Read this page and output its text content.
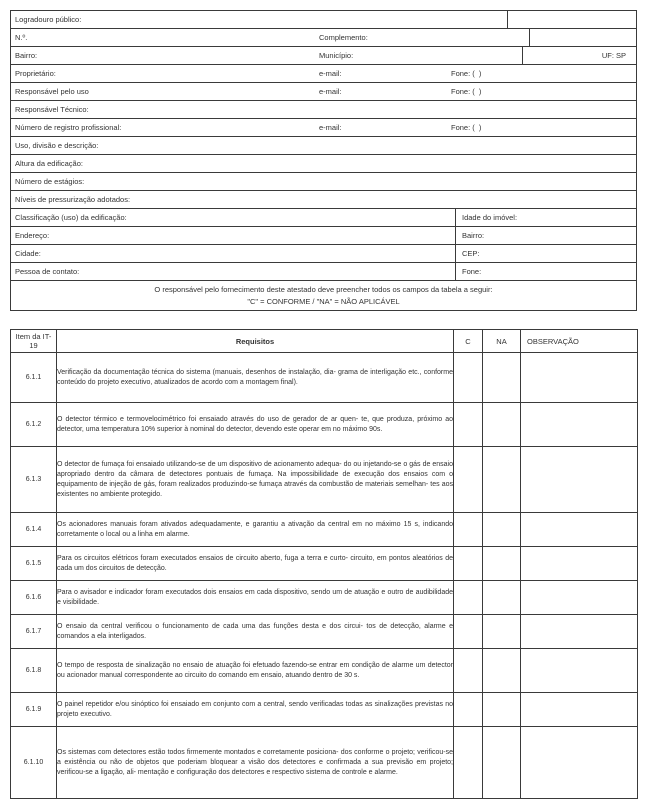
Logradouro público:
N.º.	Complemento:
Bairro:	Município:	UF: SP
Proprietário:	e-mail:	Fone: (  )
Responsável pelo uso	e-mail:	Fone: (  )
Responsável Técnico:
Número de registro profissional:	e-mail:	Fone: (  )
Uso, divisão e descrição:
Altura da edificação:
Número de estágios:
Níveis de pressurização adotados:
Classificação (uso) da edificação:	Idade do imóvel:
Endereço:	Bairro:
Cidade:	CEP:
Pessoa de contato:	Fone:
O responsável pelo fornecimento deste atestado deve preencher todos os campos da tabela a seguir:
"C" = CONFORME / "NA" = NÃO APLICÁVEL
Item da IT-19	Requisitos	C	NA	OBSERVAÇÃO
6.1.1	Verificação da documentação técnica do sistema (manuais, desenhos de instalação, dia- grama de interligação etc., conforme conteúdo do projeto executivo, atualizados de acordo com a montagem final).			
6.1.2	O detector térmico e termovelocimétrico foi ensaiado através do uso de gerador de ar quen- te, que produza, próximo ao detector, uma temperatura 10% superior à nominal do detector, devendo este operar em no máximo 90s.			
6.1.3	O detector de fumaça foi ensaiado utilizando-se de um dispositivo de acionamento adequa- do ou injetando-se o gás de ensaio apropriado dentro da câmara de detectores pontuais de fumaça. Na impossibilidade de execução dos ensaios com o equipamento de injeção de gás, foram realizados produzindo-se fumaça através da combustão de materiais semelhan- tes aos existentes no ambiente protegido.			
6.1.4	Os acionadores manuais foram ativados adequadamente, e garantiu a ativação da central em no máximo 15 s, indicando corretamente o local ou a linha em alarme.			
6.1.5	Para os circuitos elétricos foram executados ensaios de circuito aberto, fuga a terra e curto- circuito, em pontos aleatórios de cada um dos circuitos de detecção.			
6.1.6	Para o avisador e indicador foram executados dois ensaios em cada dispositivo, sendo um de atuação e outro de audibilidade e visibilidade.			
6.1.7	O ensaio da central verificou o funcionamento de cada uma das funções desta e dos circui- tos de detecção, alarme e comandos a ela interligados.			
6.1.8	O tempo de resposta de sinalização no ensaio de atuação foi efetuado fazendo-se entrar em condição de alarme um detector ou acionador manual correspondente ao circuito do comando em ensaio, atuando dentro de 30 s.			
6.1.9	O painel repetidor e/ou sinóptico foi ensaiado em conjunto com a central, sendo verificadas todas as sinalizações previstas no projeto executivo.			
6.1.10	Os sistemas com detectores estão todos firmemente montados e corretamente posiciona- dos conforme o projeto; verificou-se a existência ou não de objetos que poderiam bloquear a visão dos detectores e confirmada a sua previsão em projeto; verificou-se a ligação, ali- mentação e configuração dos detectores e respectivo sistema de controle e alarme.			
